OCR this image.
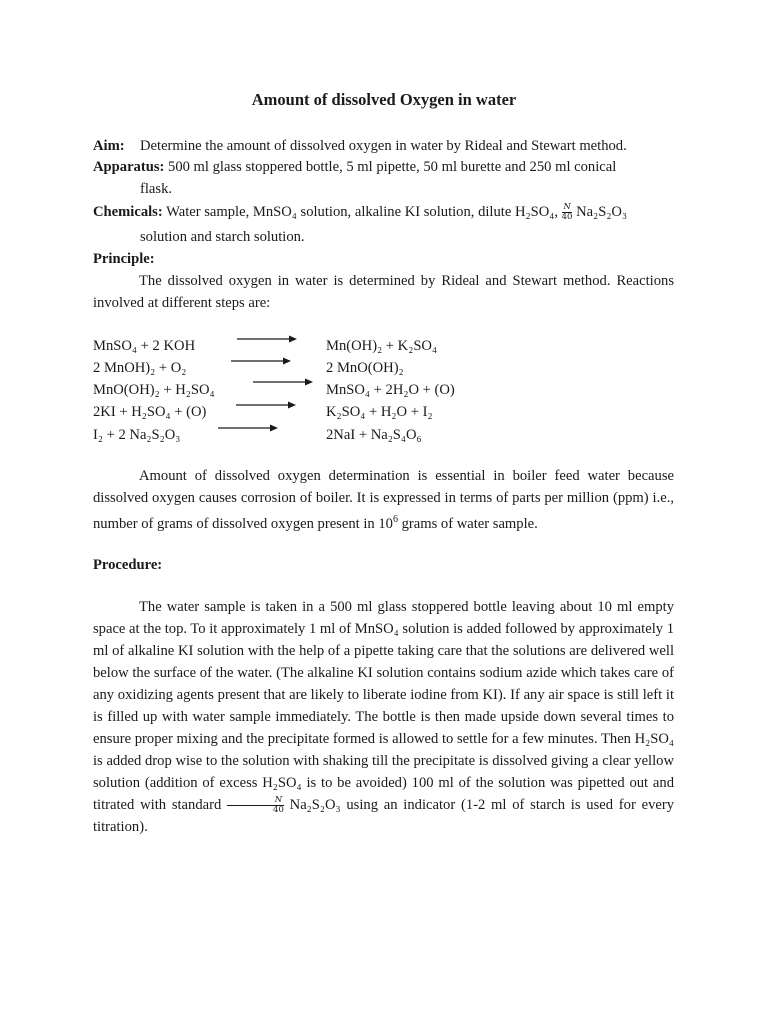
Amount of dissolved Oxygen in water
Aim: Determine the amount of dissolved oxygen in water by Rideal and Stewart method.
Apparatus: 500 ml glass stoppered bottle, 5 ml pipette, 50 ml burette and 250 ml conical
flask.
Chemicals: Water sample, MnSO₄ solution, alkaline KI solution, dilute H₂SO₄, $\frac{N}{40} Na_2S_2O_3$
solution and starch solution.
Principle:
The dissolved oxygen in water is determined by Rideal and Stewart method. Reactions involved at different steps are:
MnSO₄ + 2 KOH	Mn(OH)₂ + K₂SO₄
2 MnOH)₂ + O₂	2 MnO(OH)₂
MnO(OH)₂ + H₂SO₄	MnSO₄ + 2H₂O + (O)
2KI + H₂SO₄ + (O)	K₂SO₄ + H₂O + I₂
I₂ + 2 Na₂S₂O₃	2NaI + Na₂S₄O₆
Amount of dissolved oxygen determination is essential in boiler feed water because dissolved oxygen causes corrosion of boiler. It is expressed in terms of parts per million (ppm) i.e., number of grams of dissolved oxygen present in $10^6$ grams of water sample.
Procedure:
The water sample is taken in a 500 ml glass stoppered bottle leaving about 10 ml empty space at the top. To it approximately 1 ml of MnSO₄ solution is added followed by approximately 1 ml of alkaline KI solution with the help of a pipette taking care that the solutions are delivered well below the surface of the water. (The alkaline KI solution contains sodium azide which takes care of any oxidizing agents present that are likely to liberate iodine from KI). If any air space is still left it is filled up with water sample immediately. The bottle is then made upside down several times to ensure proper mixing and the precipitate formed is allowed to settle for a few minutes. Then H₂SO₄ is added drop wise to the solution with shaking till the precipitate is dissolved giving a clear yellow solution (addition of excess H₂SO₄ is to be avoided) 100 ml of the solution was pipetted out and titrated with standard $\frac{N}{40} Na_2S_2O_3$ using an indicator (1-2 ml of starch is used for every titration).
